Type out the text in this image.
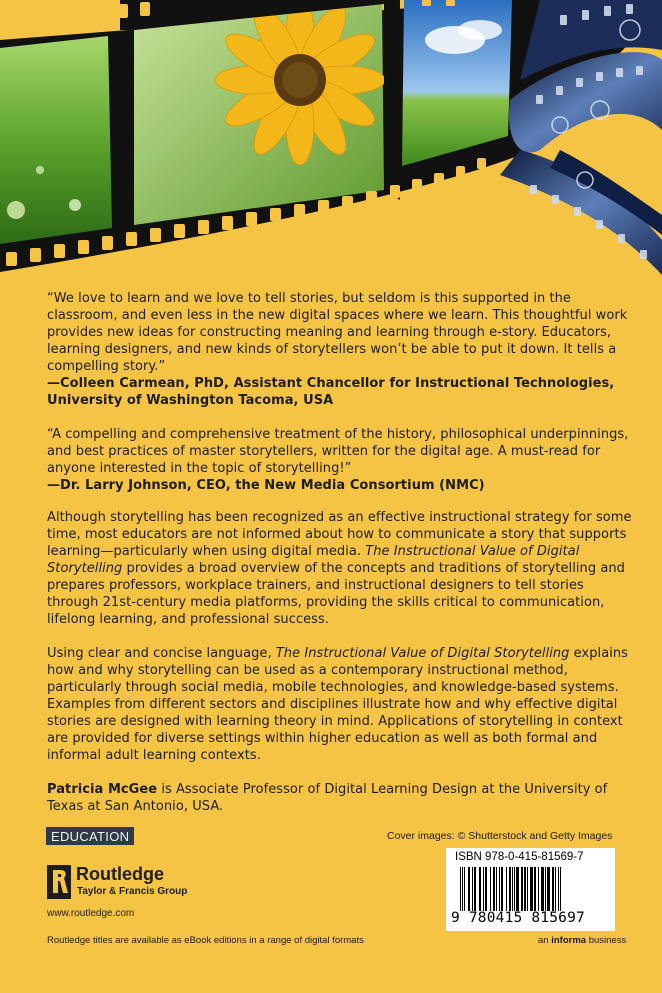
“We love to learn and we love to tell stories, but seldom is this supported in the classroom, and even less in the new digital spaces where we learn. This thoughtful work provides new ideas for constructing meaning and learning through e-story. Educators, learning designers, and new kinds of storytellers won’t be able to put it down. It tells a compelling story.”

—Colleen Carmean, PhD, Assistant Chancellor for Instructional Technologies, University of Washington Tacoma, USA

“A compelling and comprehensive treatment of the history, philosophical underpinnings, and best practices of master storytellers, written for the digital age. A must-read for anyone interested in the topic of storytelling!”

—Dr. Larry Johnson, CEO, the New Media Consortium (NMC)

Although storytelling has been recognized as an effective instructional strategy for some time, most educators are not informed about how to communicate a story that supports learning—particularly when using digital media. The Instructional Value of Digital Storytelling provides a broad overview of the concepts and traditions of storytelling and prepares professors, workplace trainers, and instructional designers to tell stories through 21st-century media platforms, providing the skills critical to communication, lifelong learning, and professional success.

Using clear and concise language, The Instructional Value of Digital Storytelling explains how and why storytelling can be used as a contemporary instructional method, particularly through social media, mobile technologies, and knowledge-based systems. Examples from different sectors and disciplines illustrate how and why effective digital stories are designed with learning theory in mind. Applications of storytelling in context are provided for diverse settings within higher education as well as both formal and informal adult learning contexts.

Patricia McGee is Associate Professor of Digital Learning Design at the University of Texas at San Antonio, USA.

EDUCATION
Routledge
Taylor & Francis Group
www.routledge.com
Routledge titles are available as eBook editions in a range of digital formats
Cover images: © Shutterstock and Getty Images
ISBN 978-0-415-81569-7
9 780415 815697
an informa business
